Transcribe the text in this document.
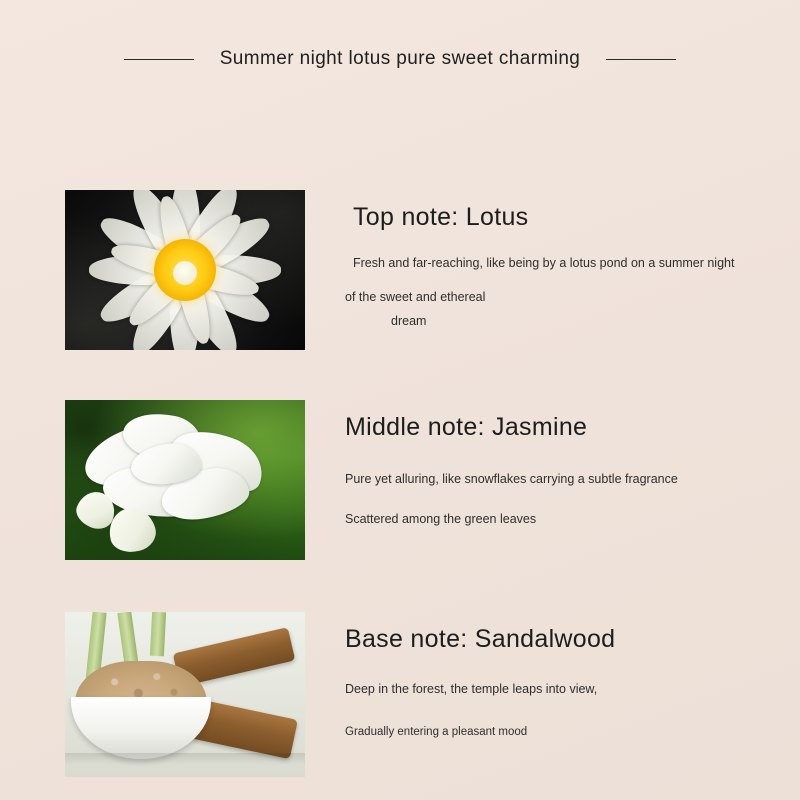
Summer night lotus pure sweet charming
Top note: Lotus
Fresh and far-reaching, like being by a lotus pond on a summer night
of the sweet and ethereal
dream
Middle note: Jasmine
Pure yet alluring, like snowflakes carrying a subtle fragrance
Scattered among the green leaves
Base note: Sandalwood
Deep in the forest, the temple leaps into view,
Gradually entering a pleasant mood
